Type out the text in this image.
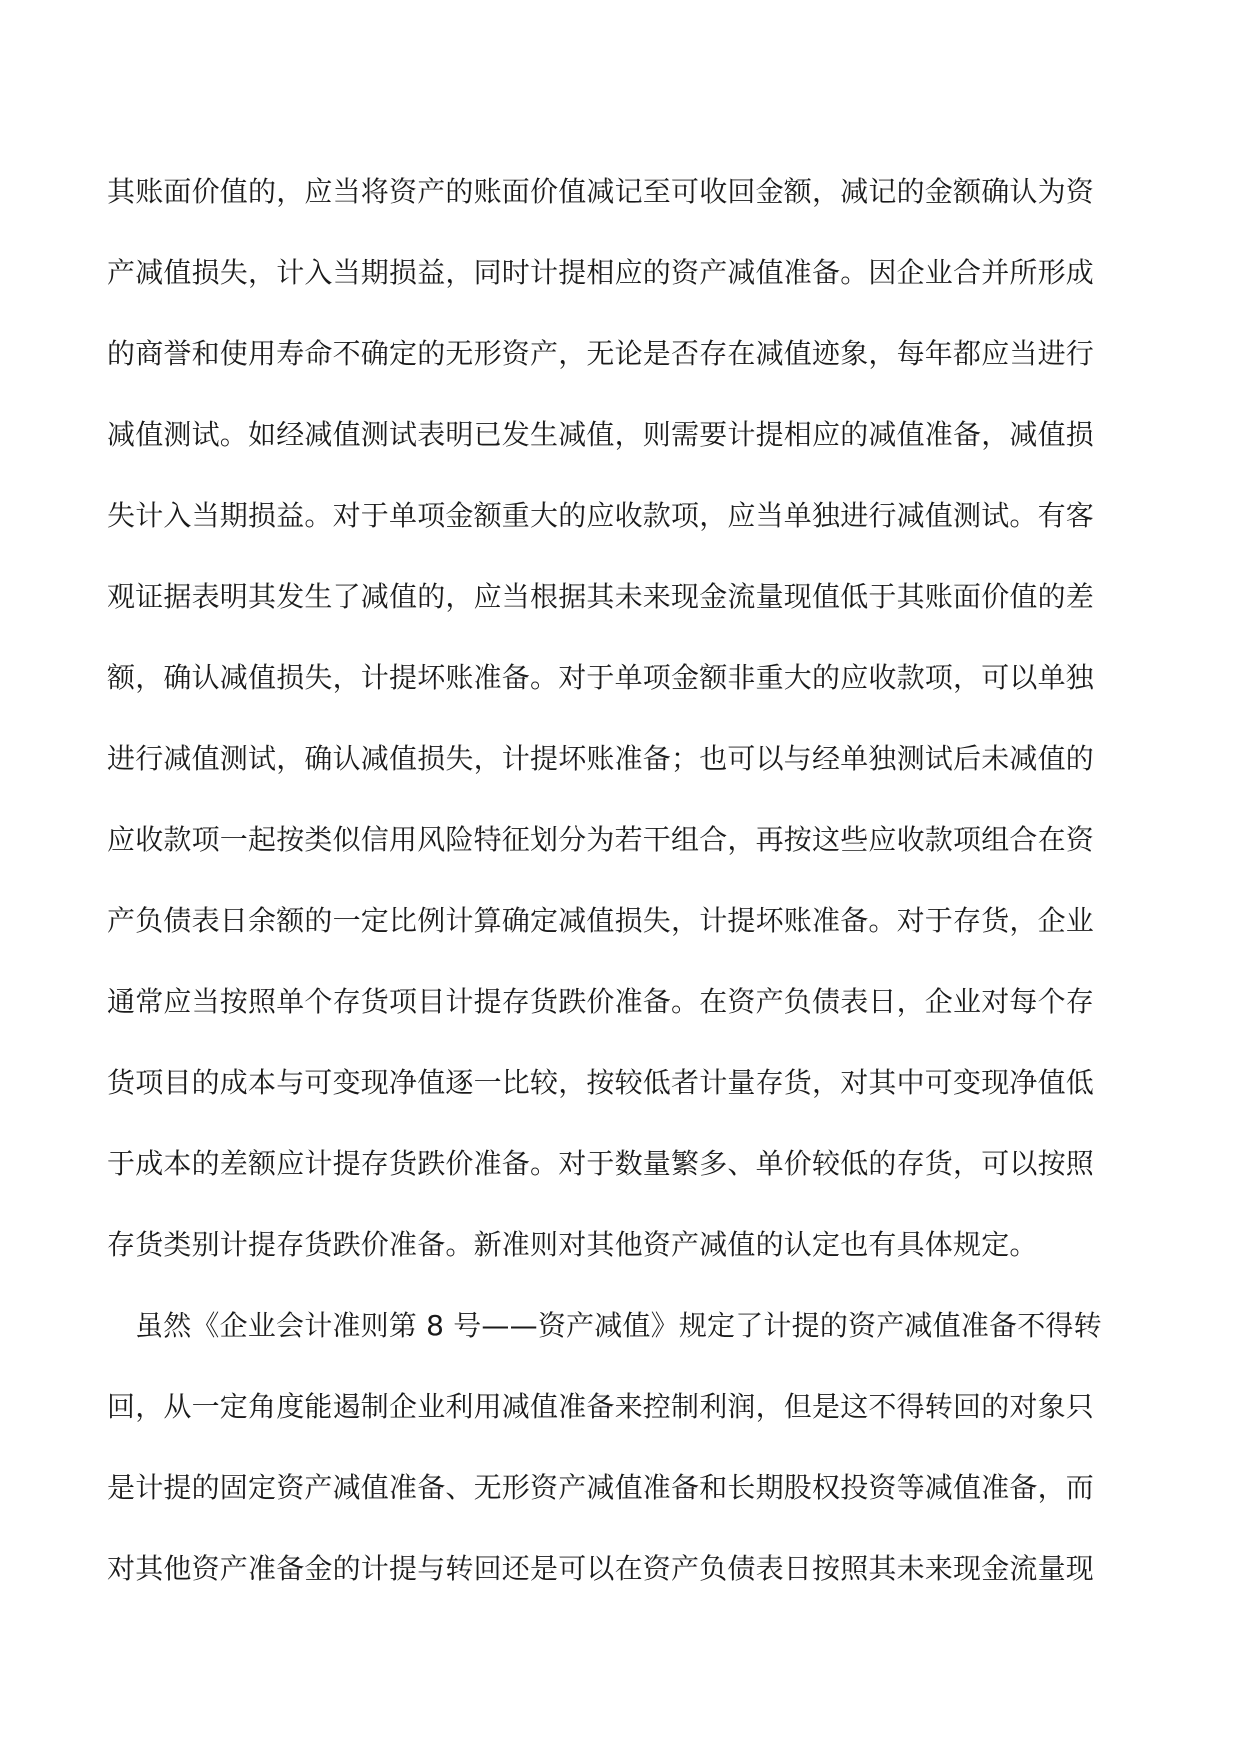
其账面价值的，应当将资产的账面价值减记至可收回金额，减记的金额确认为资
产减值损失，计入当期损益，同时计提相应的资产减值准备。因企业合并所形成
的商誉和使用寿命不确定的无形资产，无论是否存在减值迹象，每年都应当进行
减值测试。如经减值测试表明已发生减值，则需要计提相应的减值准备，减值损
失计入当期损益。对于单项金额重大的应收款项，应当单独进行减值测试。有客
观证据表明其发生了减值的，应当根据其未来现金流量现值低于其账面价值的差
额，确认减值损失，计提坏账准备。对于单项金额非重大的应收款项，可以单独
进行减值测试，确认减值损失，计提坏账准备；也可以与经单独测试后未减值的
应收款项一起按类似信用风险特征划分为若干组合，再按这些应收款项组合在资
产负债表日余额的一定比例计算确定减值损失，计提坏账准备。对于存货，企业
通常应当按照单个存货项目计提存货跌价准备。在资产负债表日，企业对每个存
货项目的成本与可变现净值逐一比较，按较低者计量存货，对其中可变现净值低
于成本的差额应计提存货跌价准备。对于数量繁多、单价较低的存货，可以按照
存货类别计提存货跌价准备。新准则对其他资产减值的认定也有具体规定。
虽然《企业会计准则第 8 号——资产减值》规定了计提的资产减值准备不得转
回，从一定角度能遏制企业利用减值准备来控制利润，但是这不得转回的对象只
是计提的固定资产减值准备、无形资产减值准备和长期股权投资等减值准备，而
对其他资产准备金的计提与转回还是可以在资产负债表日按照其未来现金流量现
